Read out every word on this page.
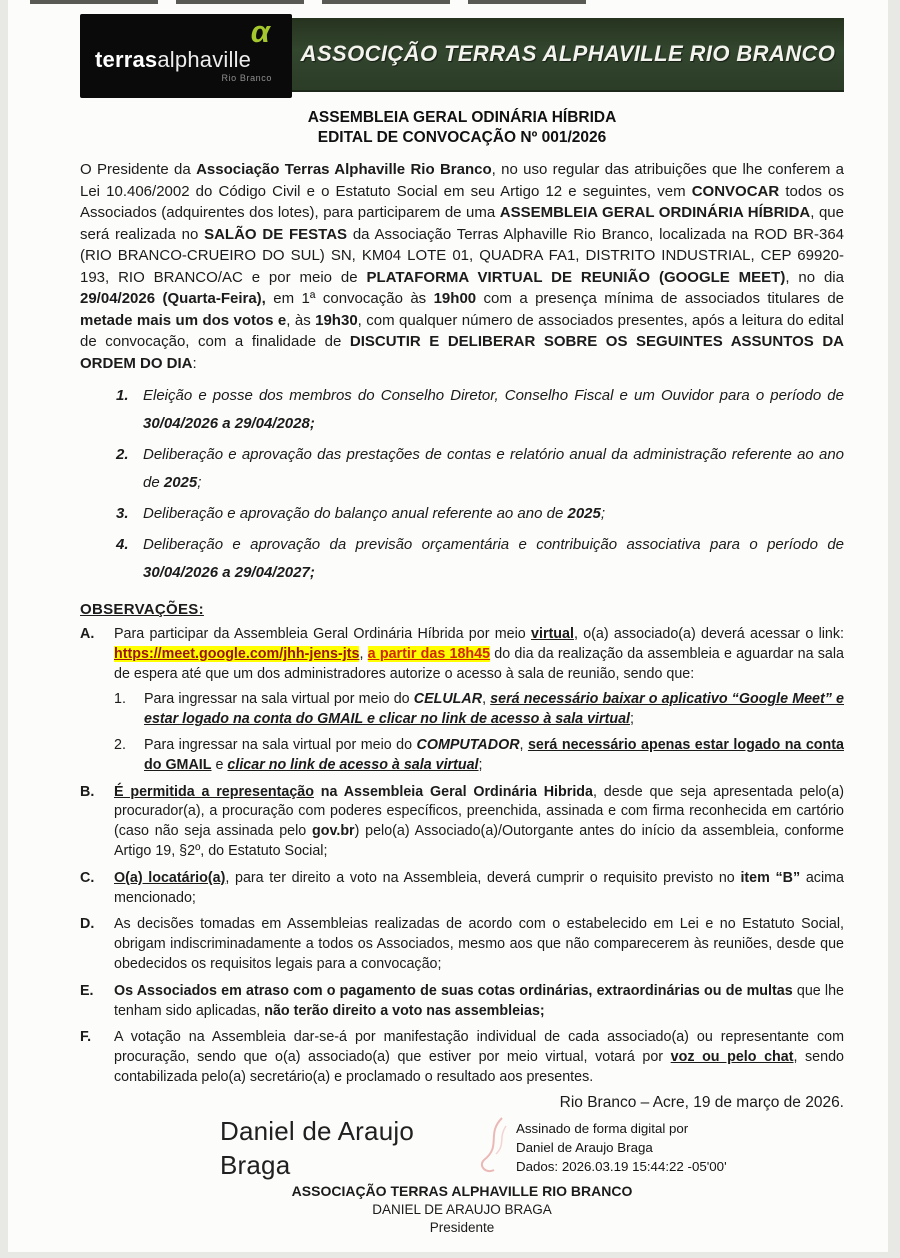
α
terrasalphaville
Rio Branco
ASSOCIÇÃO TERRAS ALPHAVILLE RIO BRANCO
ASSEMBLEIA GERAL ODINÁRIA HÍBRIDA
EDITAL DE CONVOCAÇÃO Nº 001/2026
O Presidente da Associação Terras Alphaville Rio Branco, no uso regular das atribuições que lhe conferem a Lei 10.406/2002 do Código Civil e o Estatuto Social em seu Artigo 12 e seguintes, vem CONVOCAR todos os Associados (adquirentes dos lotes), para participarem de uma ASSEMBLEIA GERAL ORDINÁRIA HÍBRIDA, que será realizada no SALÃO DE FESTAS da Associação Terras Alphaville Rio Branco, localizada na ROD BR-364 (RIO BRANCO-CRUEIRO DO SUL) SN, KM04 LOTE 01, QUADRA FA1, DISTRITO INDUSTRIAL, CEP 69920-193, RIO BRANCO/AC e por meio de PLATAFORMA VIRTUAL DE REUNIÃO (GOOGLE MEET), no dia 29/04/2026 (Quarta-Feira), em 1ª convocação às 19h00 com a presença mínima de associados titulares de metade mais um dos votos e, às 19h30, com qualquer número de associados presentes, após a leitura do edital de convocação, com a finalidade de DISCUTIR E DELIBERAR SOBRE OS SEGUINTES ASSUNTOS DA ORDEM DO DIA:
1. Eleição e posse dos membros do Conselho Diretor, Conselho Fiscal e um Ouvidor para o período de 30/04/2026 a 29/04/2028;
2. Deliberação e aprovação das prestações de contas e relatório anual da administração referente ao ano de 2025;
3. Deliberação e aprovação do balanço anual referente ao ano de 2025;
4. Deliberação e aprovação da previsão orçamentária e contribuição associativa para o período de 30/04/2026 a 29/04/2027;
OBSERVAÇÕES:
A.	Para participar da Assembleia Geral Ordinária Híbrida por meio virtual, o(a) associado(a) deverá acessar o link: https://meet.google.com/jhh-jens-jts, a partir das 18h45 do dia da realização da assembleia e aguardar na sala de espera até que um dos administradores autorize o acesso à sala de reunião, sendo que:
1.	Para ingressar na sala virtual por meio do CELULAR, será necessário baixar o aplicativo “Google Meet” e estar logado na conta do GMAIL e clicar no link de acesso à sala virtual;
2.	Para ingressar na sala virtual por meio do COMPUTADOR, será necessário apenas estar logado na conta do GMAIL e clicar no link de acesso à sala virtual;
B.	É permitida a representação na Assembleia Geral Ordinária Hibrida, desde que seja apresentada pelo(a) procurador(a), a procuração com poderes específicos, preenchida, assinada e com firma reconhecida em cartório (caso não seja assinada pelo gov.br) pelo(a) Associado(a)/Outorgante antes do início da assembleia, conforme Artigo 19, §2º, do Estatuto Social;
C.	O(a) locatário(a), para ter direito a voto na Assembleia, deverá cumprir o requisito previsto no item “B” acima mencionado;
D.	As decisões tomadas em Assembleias realizadas de acordo com o estabelecido em Lei e no Estatuto Social, obrigam indiscriminadamente a todos os Associados, mesmo aos que não comparecerem às reuniões, desde que obedecidos os requisitos legais para a convocação;
E.	Os Associados em atraso com o pagamento de suas cotas ordinárias, extraordinárias ou de multas que lhe tenham sido aplicadas, não terão direito a voto nas assembleias;
F.	A votação na Assembleia dar-se-á por manifestação individual de cada associado(a) ou representante com procuração, sendo que o(a) associado(a) que estiver por meio virtual, votará por voz ou pelo chat, sendo contabilizada pelo(a) secretário(a) e proclamado o resultado aos presentes.
Rio Branco – Acre, 19 de março de 2026.
Daniel de Araujo Braga
Assinado de forma digital por
Daniel de Araujo Braga
Dados: 2026.03.19 15:44:22 -05'00'
ASSOCIAÇÃO TERRAS ALPHAVILLE RIO BRANCO
DANIEL DE ARAUJO BRAGA
Presidente
